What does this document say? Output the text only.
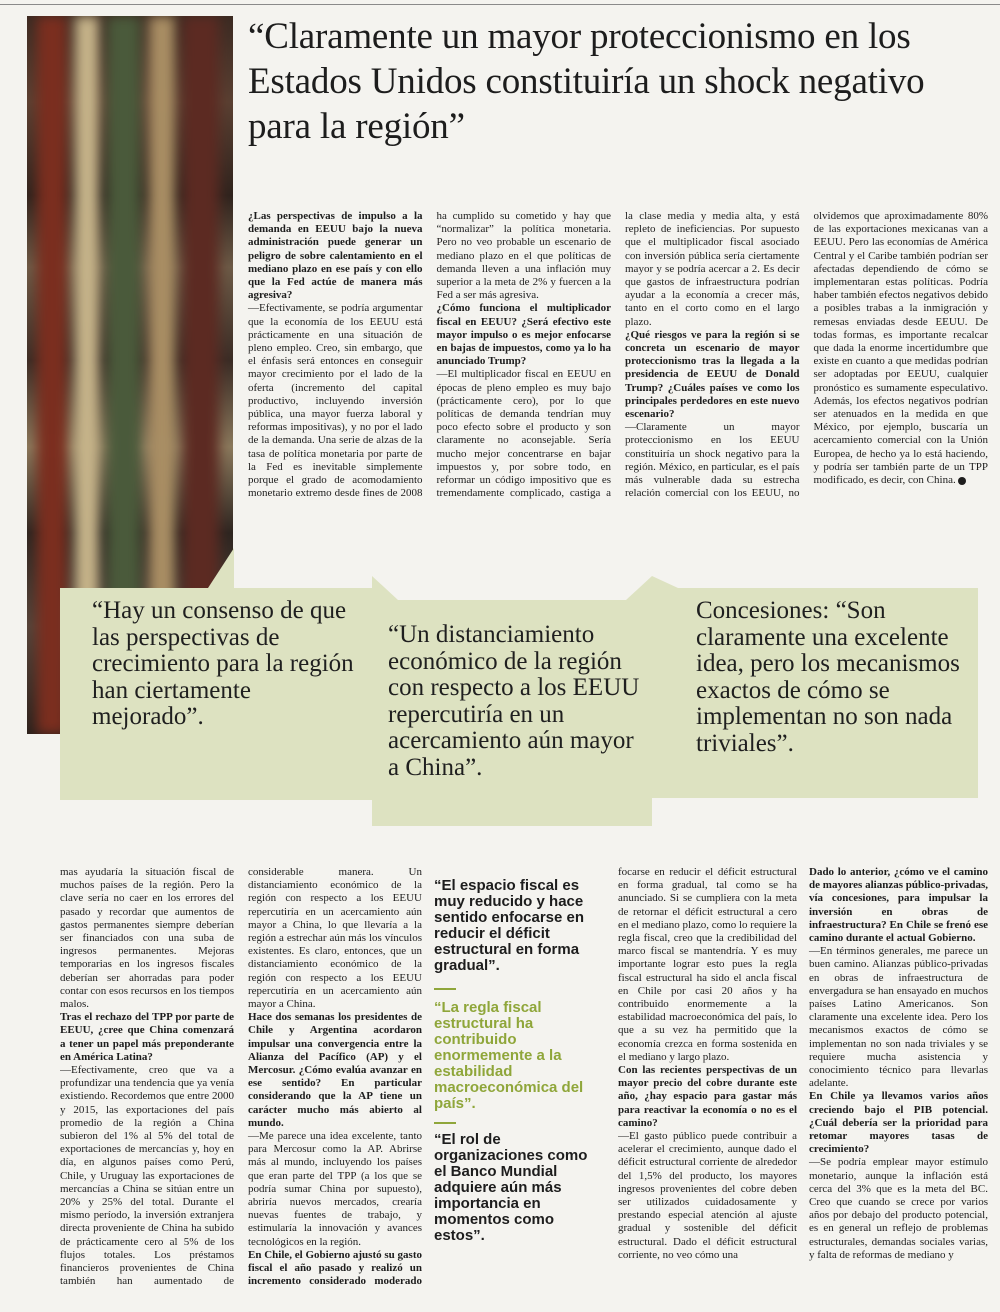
“Claramente un mayor proteccionismo en los Estados Unidos constituiría un shock negativo para la región”

¿Las perspectivas de impulso a la demanda en EEUU bajo la nueva administración puede generar un peligro de sobre calentamiento en el mediano plazo en ese país y con ello que la Fed actúe de manera más agresiva?

—Efectivamente, se podría argumentar que la economía de los EEUU está prácticamente en una situación de pleno empleo. Creo, sin embargo, que el énfasis será entonces en conseguir mayor crecimiento por el lado de la oferta (incremento del capital productivo, incluyendo inversión pública, una mayor fuerza laboral y reformas impositivas), y no por el lado de la demanda. Una serie de alzas de la tasa de política monetaria por parte de la Fed es inevitable simplemente porque el grado de acomodamiento monetario extremo desde fines de 2008 ha cumplido su cometido y hay que “normalizar” la política monetaria. Pero no veo probable un escenario de mediano plazo en el que políticas de demanda lleven a una inflación muy superior a la meta de 2% y fuercen a la Fed a ser más agresiva.

¿Cómo funciona el multiplicador fiscal en EEUU? ¿Será efectivo este mayor impulso o es mejor enfocarse en bajas de impuestos, como ya lo ha anunciado Trump?

—El multiplicador fiscal en EEUU en épocas de pleno empleo es muy bajo (prácticamente cero), por lo que políticas de demanda tendrían muy poco efecto sobre el producto y son claramente no aconsejable. Sería mucho mejor concentrarse en bajar impuestos y, por sobre todo, en reformar un código impositivo que es tremendamente complicado, castiga a la clase media y media alta, y está repleto de ineficiencias. Por supuesto que el multiplicador fiscal asociado con inversión pública sería ciertamente mayor y se podría acercar a 2. Es decir que gastos de infraestructura podrían ayudar a la economía a crecer más, tanto en el corto como en el largo plazo.

¿Qué riesgos ve para la región si se concreta un escenario de mayor proteccionismo tras la llegada a la presidencia de EEUU de Donald Trump? ¿Cuáles países ve como los principales perdedores en este nuevo escenario?

—Claramente un mayor proteccionismo en los EEUU constituiría un shock negativo para la región. México, en particular, es el país más vulnerable dada su estrecha relación comercial con los EEUU, no olvidemos que aproximadamente 80% de las exportaciones mexicanas van a EEUU. Pero las economías de América Central y el Caribe también podrían ser afectadas dependiendo de cómo se implementaran estas políticas. Podría haber también efectos negativos debido a posibles trabas a la inmigración y remesas enviadas desde EEUU. De todas formas, es importante recalcar que dada la enorme incertidumbre que existe en cuanto a que medidas podrían ser adoptadas por EEUU, cualquier pronóstico es sumamente especulativo. Además, los efectos negativos podrían ser atenuados en la medida en que México, por ejemplo, buscaría un acercamiento comercial con la Unión Europea, de hecho ya lo está haciendo, y podría ser también parte de un TPP modificado, es decir, con China.

“Hay un consenso de que las perspectivas de crecimiento para la región han ciertamente mejorado”.

“Un distanciamiento económico de la región con respecto a los EEUU repercutiría en un acercamiento aún mayor a China”.

Concesiones: “Son claramente una excelente idea, pero los mecanismos exactos de cómo se implementan no son nada triviales”.

mas ayudaría la situación fiscal de muchos países de la región. Pero la clave sería no caer en los errores del pasado y recordar que aumentos de gastos permanentes siempre deberían ser financiados con una suba de ingresos permanentes. Mejoras temporarias en los ingresos fiscales deberían ser ahorradas para poder contar con esos recursos en los tiempos malos.

Tras el rechazo del TPP por parte de EEUU, ¿cree que China comenzará a tener un papel más preponderante en América Latina?

—Efectivamente, creo que va a profundizar una tendencia que ya venía existiendo. Recordemos que entre 2000 y 2015, las exportaciones del país promedio de la región a China subieron del 1% al 5% del total de exportaciones de mercancías y, hoy en día, en algunos países como Perú, Chile, y Uruguay las exportaciones de mercancías a China se sitúan entre un 20% y 25% del total. Durante el mismo período, la inversión extranjera directa proveniente de China ha subido de prácticamente cero al 5% de los flujos totales. Los préstamos financieros provenientes de China también han aumentado de considerable manera. Un distanciamiento económico de la región con respecto a los EEUU repercutiría en un acercamiento aún mayor a China, lo que llevaría a la región a estrechar aún más los vínculos existentes. Es claro, entonces, que un distanciamiento económico de la región con respecto a los EEUU repercutiría en un acercamiento aún mayor a China.

Hace dos semanas los presidentes de Chile y Argentina acordaron impulsar una convergencia entre la Alianza del Pacífico (AP) y el Mercosur. ¿Cómo evalúa avanzar en ese sentido? En particular considerando que la AP tiene un carácter mucho más abierto al mundo.

—Me parece una idea excelente, tanto para Mercosur como la AP. Abrirse más al mundo, incluyendo los países que eran parte del TPP (a los que se podría sumar China por supuesto), abriría nuevos mercados, crearía nuevas fuentes de trabajo, y estimularía la innovación y avances tecnológicos en la región.

En Chile, el Gobierno ajustó su gasto fiscal el año pasado y realizó un incremento considerado moderado

“El espacio fiscal es muy reducido y hace sentido enfocarse en reducir el déficit estructural en forma gradual”.

“La regla fiscal estructural ha contribuido enormemente a la estabilidad macroeconómica del país”.

“El rol de organizaciones como el Banco Mundial adquiere aún más importancia en momentos como estos”.

focarse en reducir el déficit estructural en forma gradual, tal como se ha anunciado. Si se cumpliera con la meta de retornar el déficit estructural a cero en el mediano plazo, como lo requiere la regla fiscal, creo que la credibilidad del marco fiscal se mantendría. Y es muy importante lograr esto pues la regla fiscal estructural ha sido el ancla fiscal en Chile por casi 20 años y ha contribuido enormemente a la estabilidad macroeconómica del país, lo que a su vez ha permitido que la economía crezca en forma sostenida en el mediano y largo plazo.

Con las recientes perspectivas de un mayor precio del cobre durante este año, ¿hay espacio para gastar más para reactivar la economía o no es el camino?

—El gasto público puede contribuir a acelerar el crecimiento, aunque dado el déficit estructural corriente de alrededor del 1,5% del producto, los mayores ingresos provenientes del cobre deben ser utilizados cuidadosamente y prestando especial atención al ajuste gradual y sostenible del déficit estructural. Dado el déficit estructural corriente, no veo cómo una

Dado lo anterior, ¿cómo ve el camino de mayores alianzas público-privadas, vía concesiones, para impulsar la inversión en obras de infraestructura? En Chile se frenó ese camino durante el actual Gobierno.

—En términos generales, me parece un buen camino. Alianzas público-privadas en obras de infraestructura de envergadura se han ensayado en muchos países Latino Americanos. Son claramente una excelente idea. Pero los mecanismos exactos de cómo se implementan no son nada triviales y se requiere mucha asistencia y conocimiento técnico para llevarlas adelante.

En Chile ya llevamos varios años creciendo bajo el PIB potencial. ¿Cuál debería ser la prioridad para retomar mayores tasas de crecimiento?

—Se podría emplear mayor estímulo monetario, aunque la inflación está cerca del 3% que es la meta del BC. Creo que cuando se crece por varios años por debajo del producto potencial, es en general un reflejo de problemas estructurales, demandas sociales varias, y falta de reformas de mediano y
